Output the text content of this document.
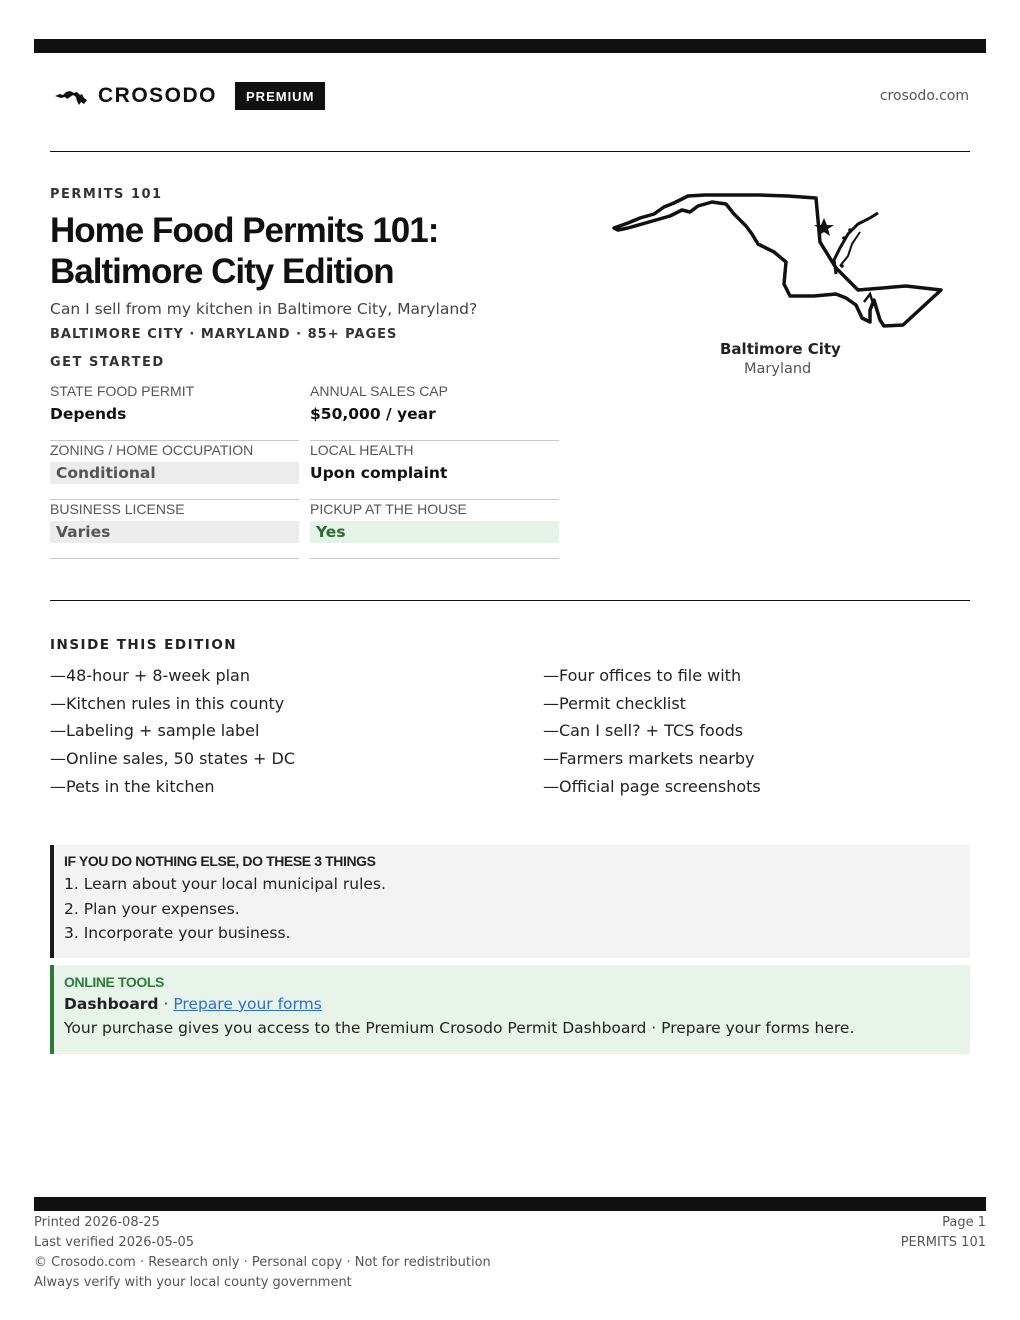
CROSODO	PREMIUM	crosodo.com
PERMITS 101
Home Food Permits 101:
Baltimore City Edition
Can I sell from my kitchen in Baltimore City, Maryland?
BALTIMORE CITY · MARYLAND · 85+ PAGES
GET STARTED
STATE FOOD PERMIT
Depends
ANNUAL SALES CAP
$50,000 / year
ZONING / HOME OCCUPATION
Conditional
LOCAL HEALTH
Upon complaint
BUSINESS LICENSE
Varies
PICKUP AT THE HOUSE
Yes
Baltimore City
Maryland
INSIDE THIS EDITION
—48-hour + 8-week plan
—Kitchen rules in this county
—Labeling + sample label
—Online sales, 50 states + DC
—Pets in the kitchen
—Four offices to file with
—Permit checklist
—Can I sell? + TCS foods
—Farmers markets nearby
—Official page screenshots
IF YOU DO NOTHING ELSE, DO THESE 3 THINGS
1. Learn about your local municipal rules.
2. Plan your expenses.
3. Incorporate your business.
ONLINE TOOLS
Dashboard · Prepare your forms
Your purchase gives you access to the Premium Crosodo Permit Dashboard · Prepare your forms here.
Printed 2026-08-25
Last verified 2026-05-05
© Crosodo.com · Research only · Personal copy · Not for redistribution
Always verify with your local county government
Page 1
PERMITS 101
